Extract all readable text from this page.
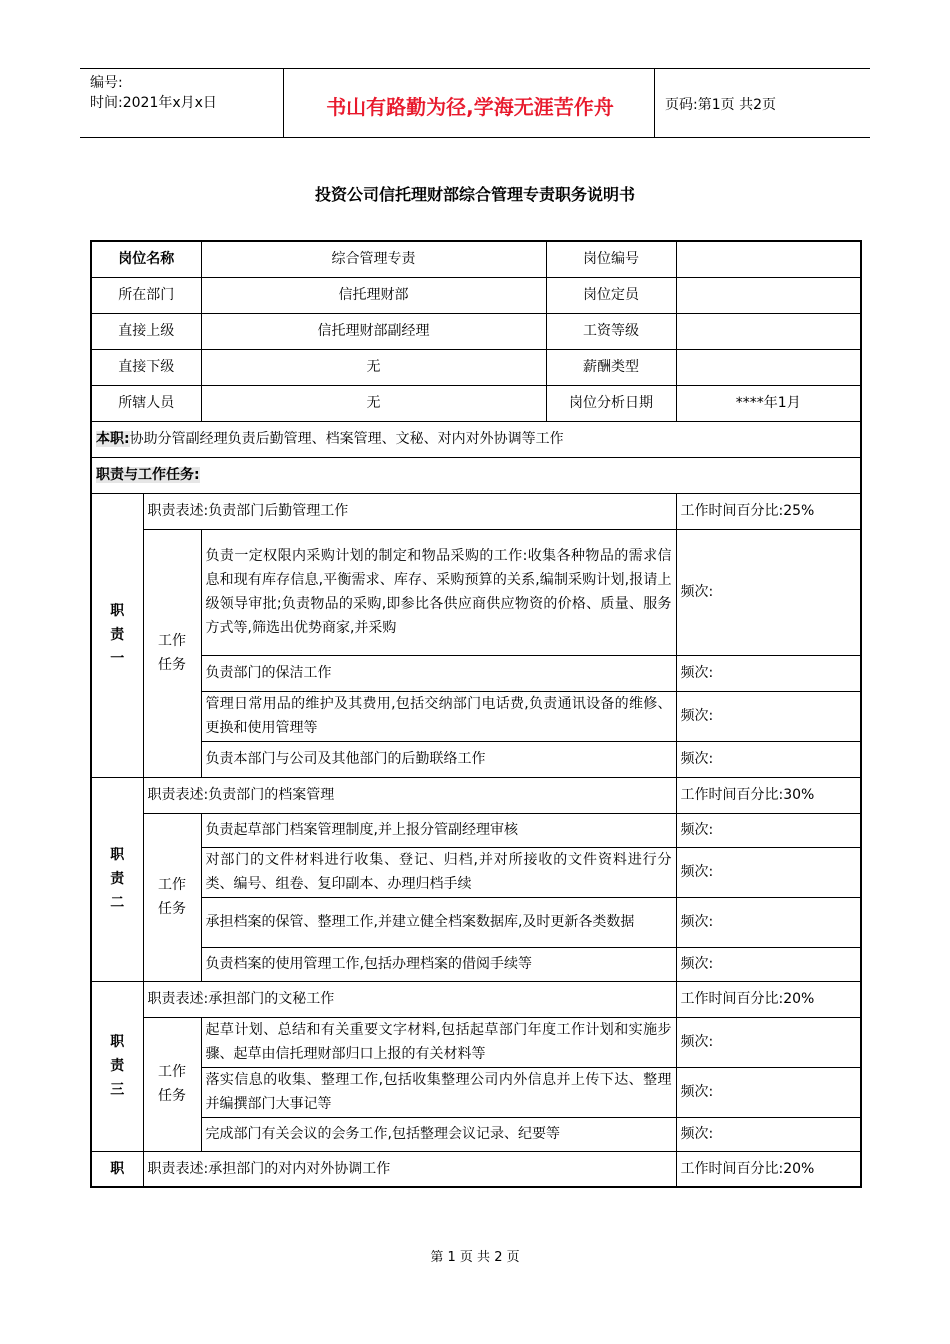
编号:
时间:2021年x月x日	书山有路勤为径,学海无涯苦作舟	页码:第1页 共2页
投资公司信托理财部综合管理专责职务说明书
岗位名称		综合管理专责	岗位编号	
所在部门		信托理财部	岗位定员	
直接上级		信托理财部副经理	工资等级	
直接下级		无	薪酬类型	
所辖人员		无	岗位分析日期	****年1月
本职:协助分管副经理负责后勤管理、档案管理、文秘、对内对外协调等工作				
职责与工作任务:				

职
责
一	职责表述:负责部门后勤管理工作			工作时间百分比:25%

	工作
任务	负责一定权限内采购计划的制定和物品采购的工作:收集各种物品的需求信息和现有库存信息,平衡需求、库存、采购预算的关系,编制采购计划,报请上级领导审批;负责物品的采购,即参比各供应商供应物资的价格、质量、服务方式等,筛选出优势商家,并采购		频次:
		负责部门的保洁工作		频次:
		管理日常用品的维护及其费用,包括交纳部门电话费,负责通讯设备的维修、更换和使用管理等		频次:
		负责本部门与公司及其他部门的后勤联络工作		频次:

职
责
二	职责表述:负责部门的档案管理			工作时间百分比:30%

	工作
任务	负责起草部门档案管理制度,并上报分管副经理审核		频次:
		对部门的文件材料进行收集、登记、归档,并对所接收的文件资料进行分类、编号、组卷、复印副本、办理归档手续		频次:
		承担档案的保管、整理工作,并建立健全档案数据库,及时更新各类数据		频次:
		负责档案的使用管理工作,包括办理档案的借阅手续等		频次:

职
责
三	职责表述:承担部门的文秘工作			工作时间百分比:20%

	工作
任务	起草计划、总结和有关重要文字材料,包括起草部门年度工作计划和实施步骤、起草由信托理财部归口上报的有关材料等		频次:
		落实信息的收集、整理工作,包括收集整理公司内外信息并上传下达、整理并编撰部门大事记等		频次:
		完成部门有关会议的会务工作,包括整理会议记录、纪要等		频次:

职	职责表述:承担部门的对内对外协调工作			工作时间百分比:20%
第 1 页 共 2 页
